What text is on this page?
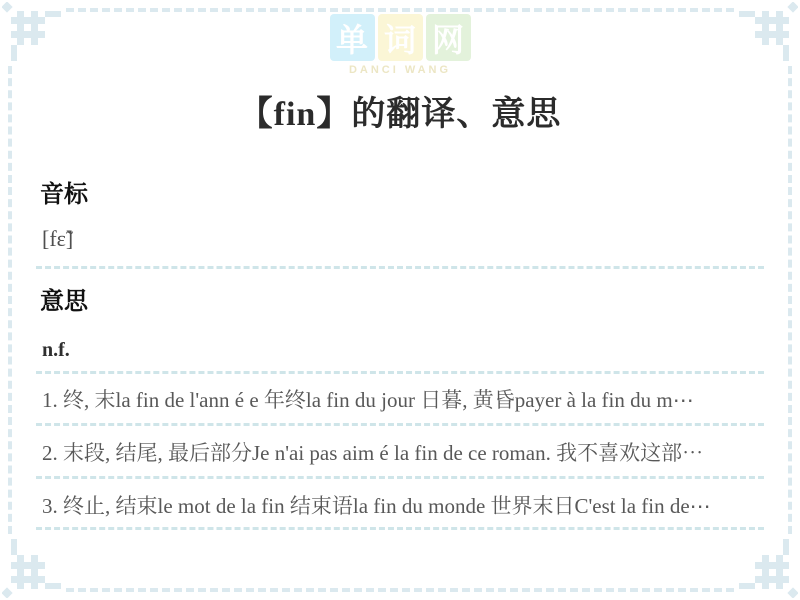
单 词 网
DANCI WANG
【fin】的翻译、意思
音标
[fɛ̃]
意思
n.f.
1. 终, 末la fin de l'ann é e 年终la fin du jour 日暮, 黄昏payer à la fin du m⋯
2. 末段, 结尾, 最后部分Je n'ai pas aim é la fin de ce roman. 我不喜欢这部⋯
3. 终止, 结束le mot de la fin 结束语la fin du monde 世界末日C'est la fin de⋯
